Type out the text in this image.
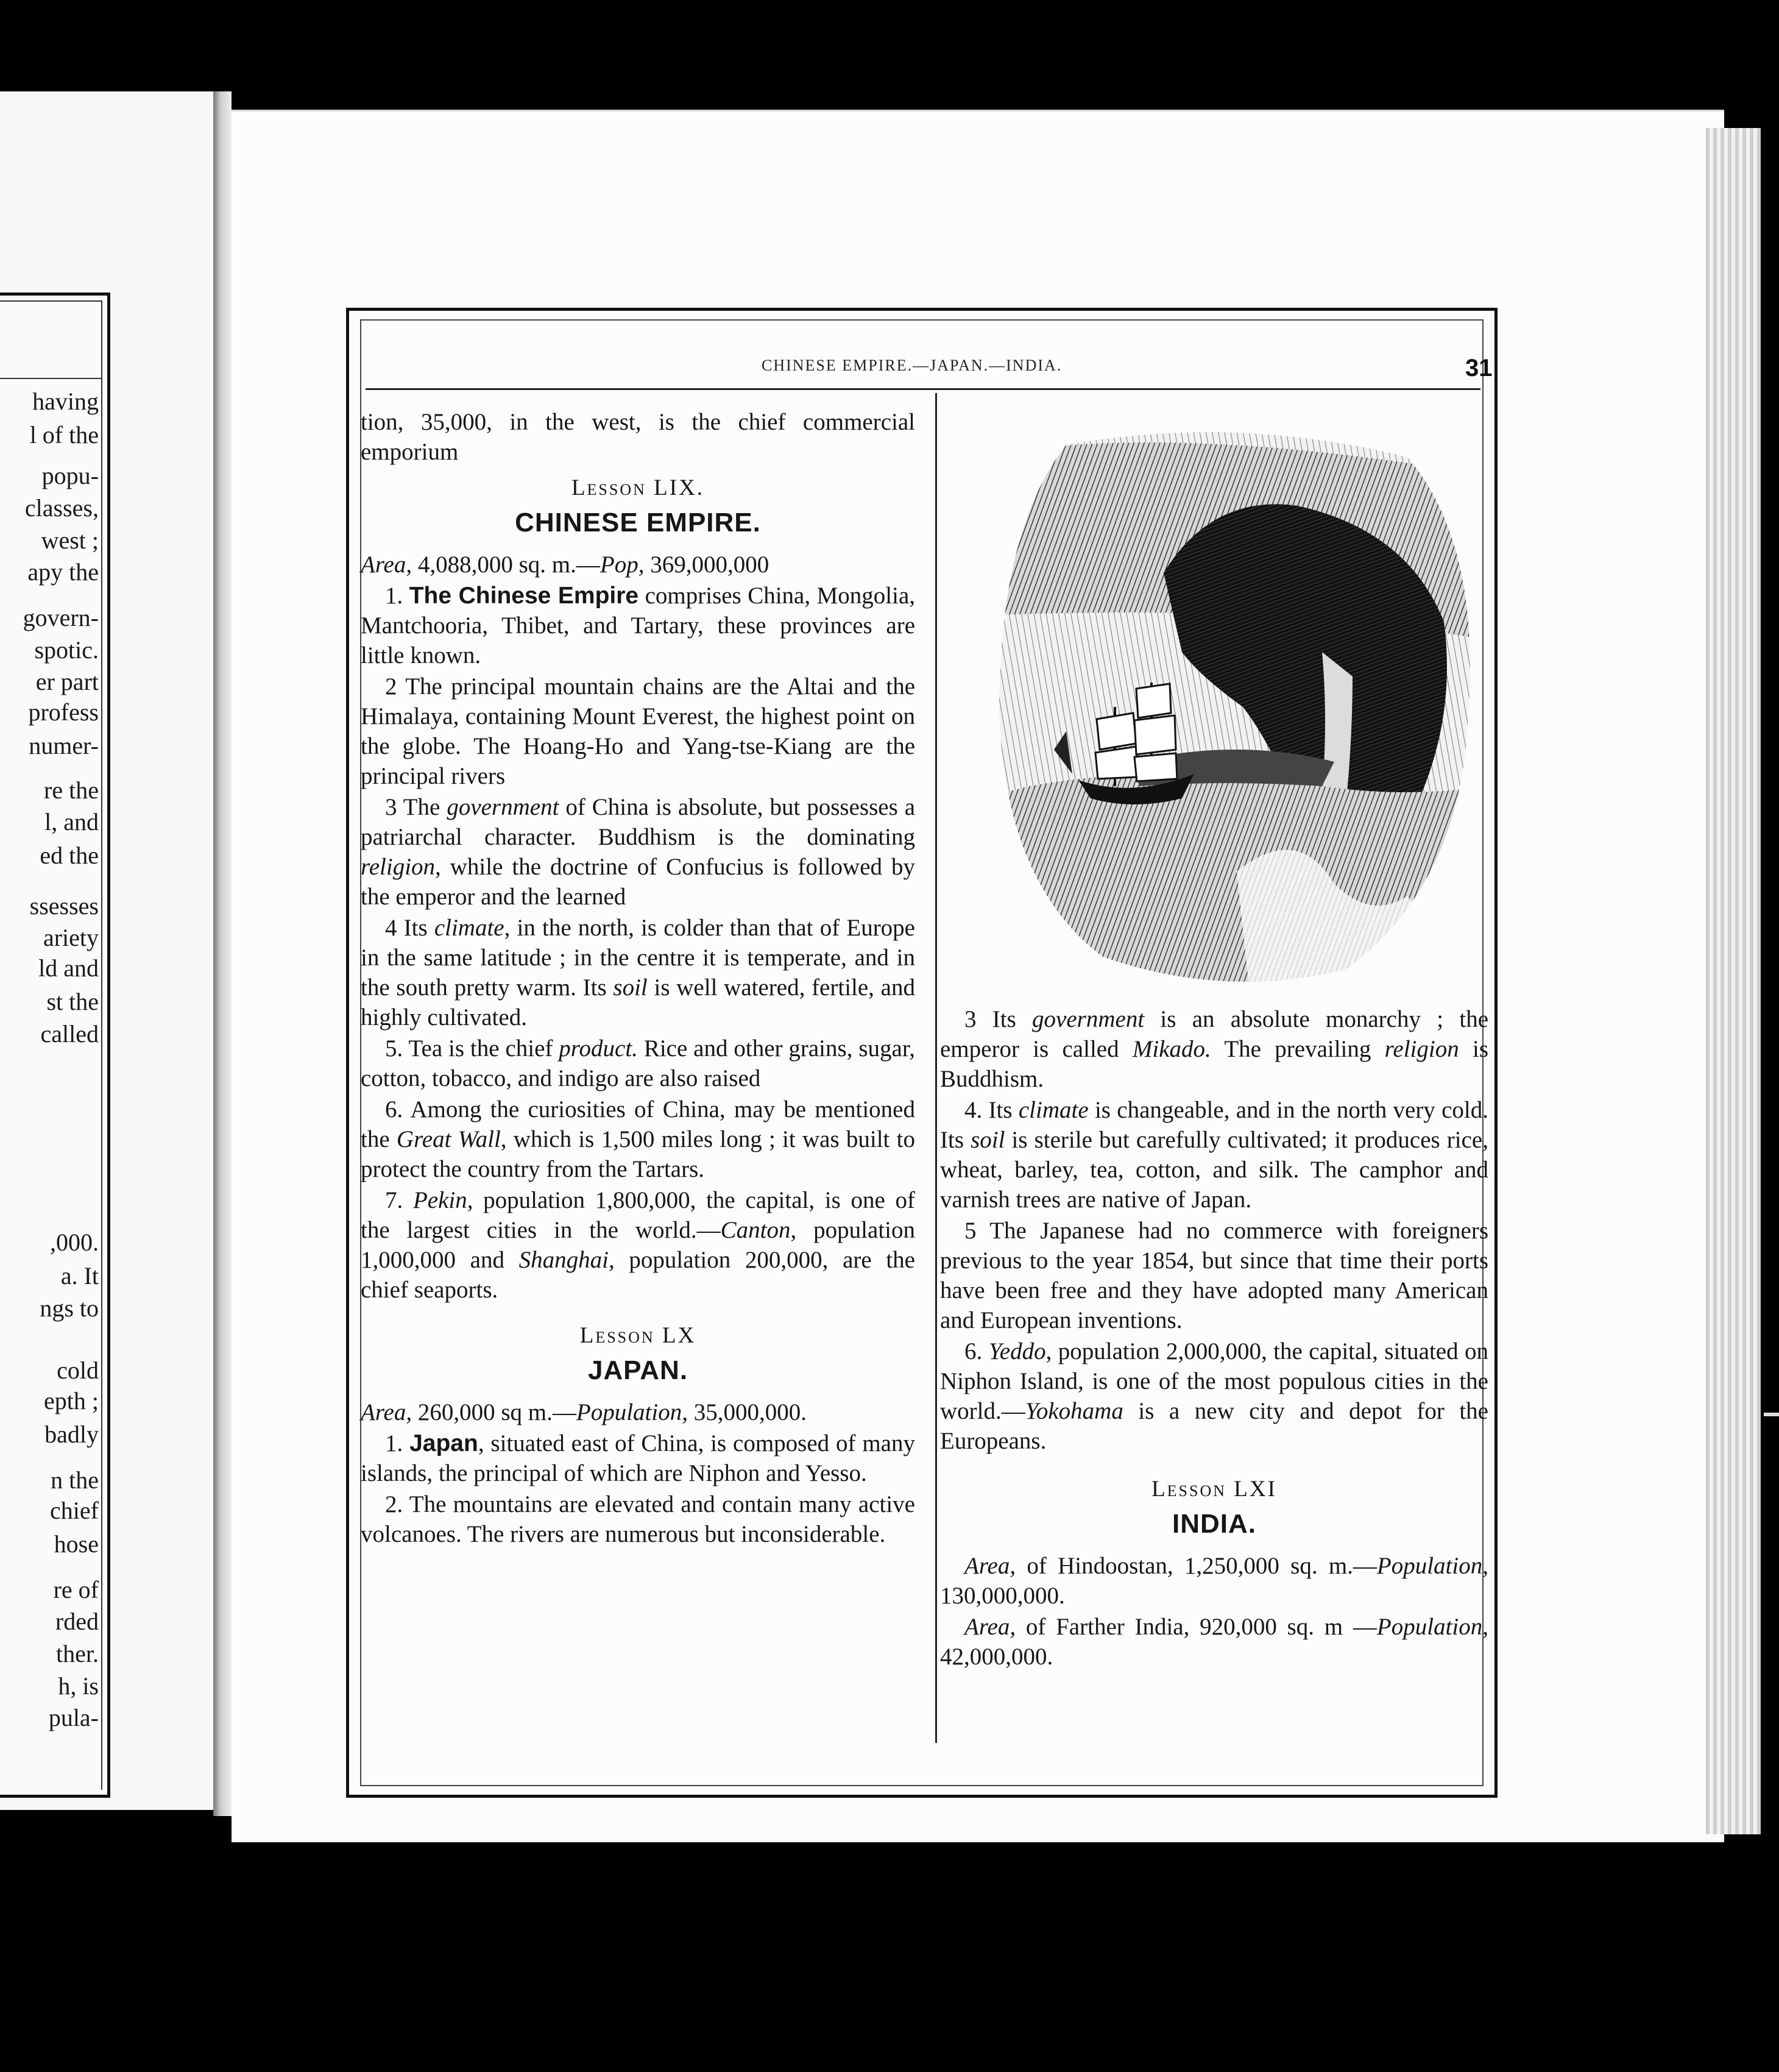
having
l of the
popu-
classes,
west ;
apy the
govern-
spotic.
er part
profess
numer-
re the
l, and
ed the
ssesses
ariety
ld and
st the
called
,000.
a. It
ngs to
cold
epth ;
badly
n the
chief
hose
re of
rded
ther.
h, is
pula-
CHINESE EMPIRE.—JAPAN.—INDIA.	31

tion, 35,000, in the west, is the chief commercial emporium

Lesson LIX.
CHINESE EMPIRE.

Area, 4,088,000 sq. m.—Pop, 369,000,000

1. The Chinese Empire comprises China, Mongolia, Mantchooria, Thibet, and Tartary, these provinces are little known.

2 The principal mountain chains are the Altai and the Himalaya, containing Mount Everest, the highest point on the globe. The Hoang-Ho and Yang-tse-Kiang are the principal rivers

3 The government of China is absolute, but possesses a patriarchal character. Buddhism is the dominating religion, while the doctrine of Confucius is followed by the emperor and the learned

4 Its climate, in the north, is colder than that of Europe in the same latitude ; in the centre it is temperate, and in the south pretty warm. Its soil is well watered, fertile, and highly cultivated.

5. Tea is the chief product. Rice and other grains, sugar, cotton, tobacco, and indigo are also raised

6. Among the curiosities of China, may be mentioned the Great Wall, which is 1,500 miles long ; it was built to protect the country from the Tartars.

7. Pekin, population 1,800,000, the capital, is one of the largest cities in the world.—Canton, population 1,000,000 and Shanghai, population 200,000, are the chief seaports.

Lesson LX
JAPAN.

Area, 260,000 sq m.—Population, 35,000,000.

1. Japan, situated east of China, is composed of many islands, the principal of which are Niphon and Yesso.

2. The mountains are elevated and contain many active volcanoes. The rivers are numerous but inconsiderable.

3 Its government is an absolute monarchy ; the emperor is called Mikado. The prevailing religion is Buddhism.

4. Its climate is changeable, and in the north very cold. Its soil is sterile but carefully cultivated; it produces rice, wheat, barley, tea, cotton, and silk. The camphor and varnish trees are native of Japan.

5 The Japanese had no commerce with foreigners previous to the year 1854, but since that time their ports have been free and they have adopted many American and European inventions.

6. Yeddo, population 2,000,000, the capital, situated on Niphon Island, is one of the most populous cities in the world.—Yokohama is a new city and depot for the Europeans.

Lesson LXI
INDIA.

Area, of Hindoostan, 1,250,000 sq. m.—Population, 130,000,000.

Area, of Farther India, 920,000 sq. m —Population, 42,000,000.
